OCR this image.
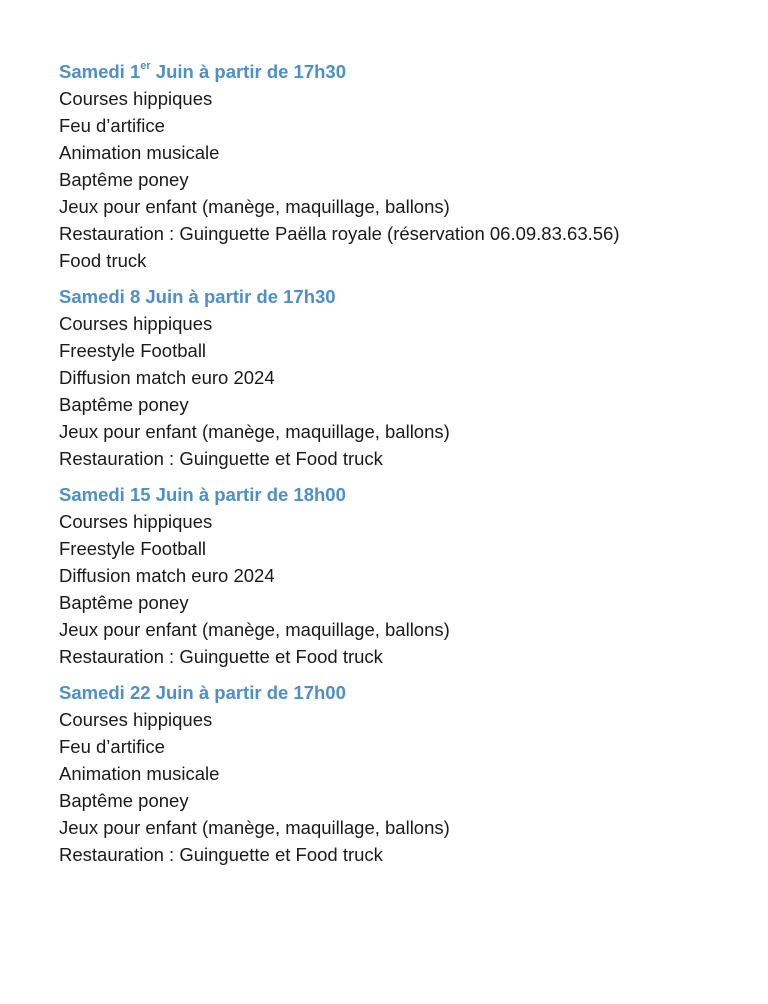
Samedi 1er Juin à partir de 17h30
Courses hippiques
Feu d’artifice
Animation musicale
Baptême poney
Jeux pour enfant (manège, maquillage, ballons)
Restauration : Guinguette Paëlla royale (réservation 06.09.83.63.56)
Food truck
Samedi 8 Juin à partir de 17h30
Courses hippiques
Freestyle Football
Diffusion match euro 2024
Baptême poney
Jeux pour enfant (manège, maquillage, ballons)
Restauration : Guinguette et Food truck
Samedi 15 Juin à partir de 18h00
Courses hippiques
Freestyle Football
Diffusion match euro 2024
Baptême poney
Jeux pour enfant (manège, maquillage, ballons)
Restauration : Guinguette et Food truck
Samedi 22 Juin à partir de 17h00
Courses hippiques
Feu d’artifice
Animation musicale
Baptême poney
Jeux pour enfant (manège, maquillage, ballons)
Restauration : Guinguette et Food truck
